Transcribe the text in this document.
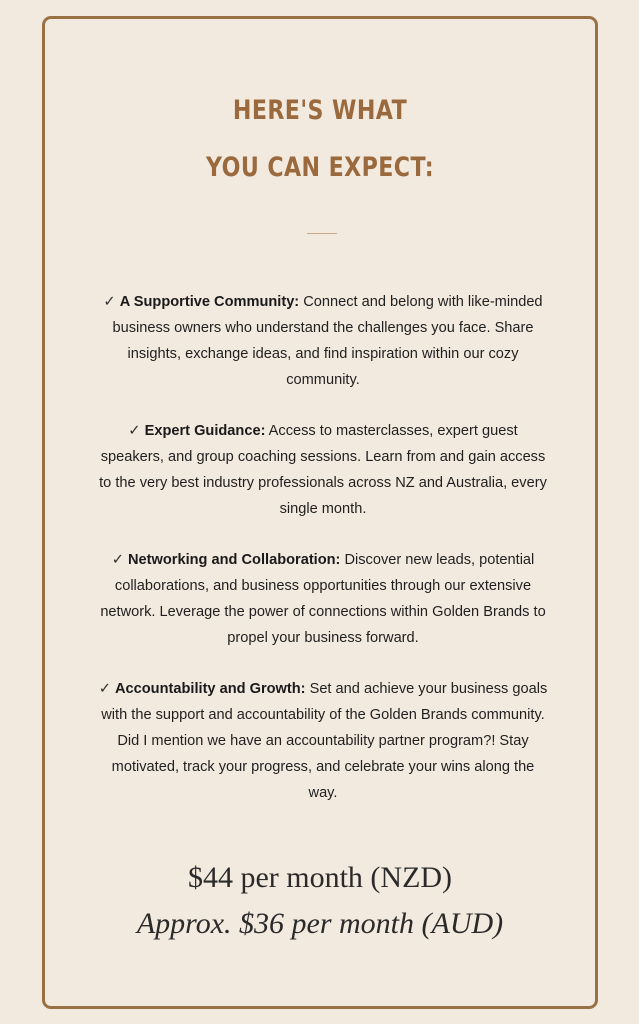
HERE'S WHAT
YOU CAN EXPECT:

✓ A Supportive Community: Connect and belong with like-minded business owners who understand the challenges you face. Share insights, exchange ideas, and find inspiration within our cozy community.

✓ Expert Guidance: Access to masterclasses, expert guest speakers, and group coaching sessions. Learn from and gain access to the very best industry professionals across NZ and Australia, every single month.

✓ Networking and Collaboration: Discover new leads, potential collaborations, and business opportunities through our extensive network. Leverage the power of connections within Golden Brands to propel your business forward.

✓ Accountability and Growth: Set and achieve your business goals with the support and accountability of the Golden Brands community. Did I mention we have an accountability partner program?! Stay motivated, track your progress, and celebrate your wins along the way.

$44 per month (NZD)

Approx. $36 per month (AUD)
